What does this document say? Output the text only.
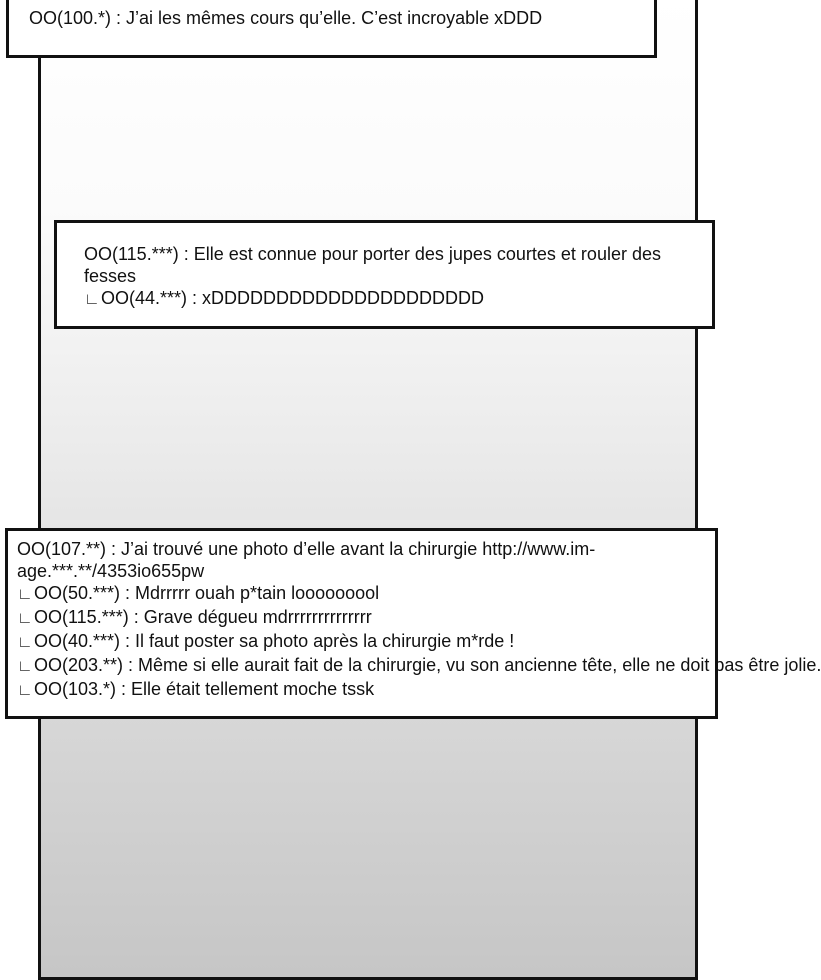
OO(100.*) : J’ai les mêmes cours qu’elle. C’est incroyable xDDD
OO(115.***) : Elle est connue pour porter des jupes courtes et rouler des fesses
∟OO(44.***) : xDDDDDDDDDDDDDDDDDDDDD
OO(107.**) : J’ai trouvé une photo d’elle avant la chirurgie http://www.im-age.***.**/4353io655pw
∟OO(50.***) : Mdrrrrr ouah p*tain looooooool
∟OO(115.***) : Grave dégueu mdrrrrrrrrrrrrrr
∟OO(40.***) : Il faut poster sa photo après la chirurgie m*rde !
∟OO(203.**) : Même si elle aurait fait de la chirurgie, vu son ancienne tête, elle ne doit pas être jolie.
∟OO(103.*) : Elle était tellement moche tssk
